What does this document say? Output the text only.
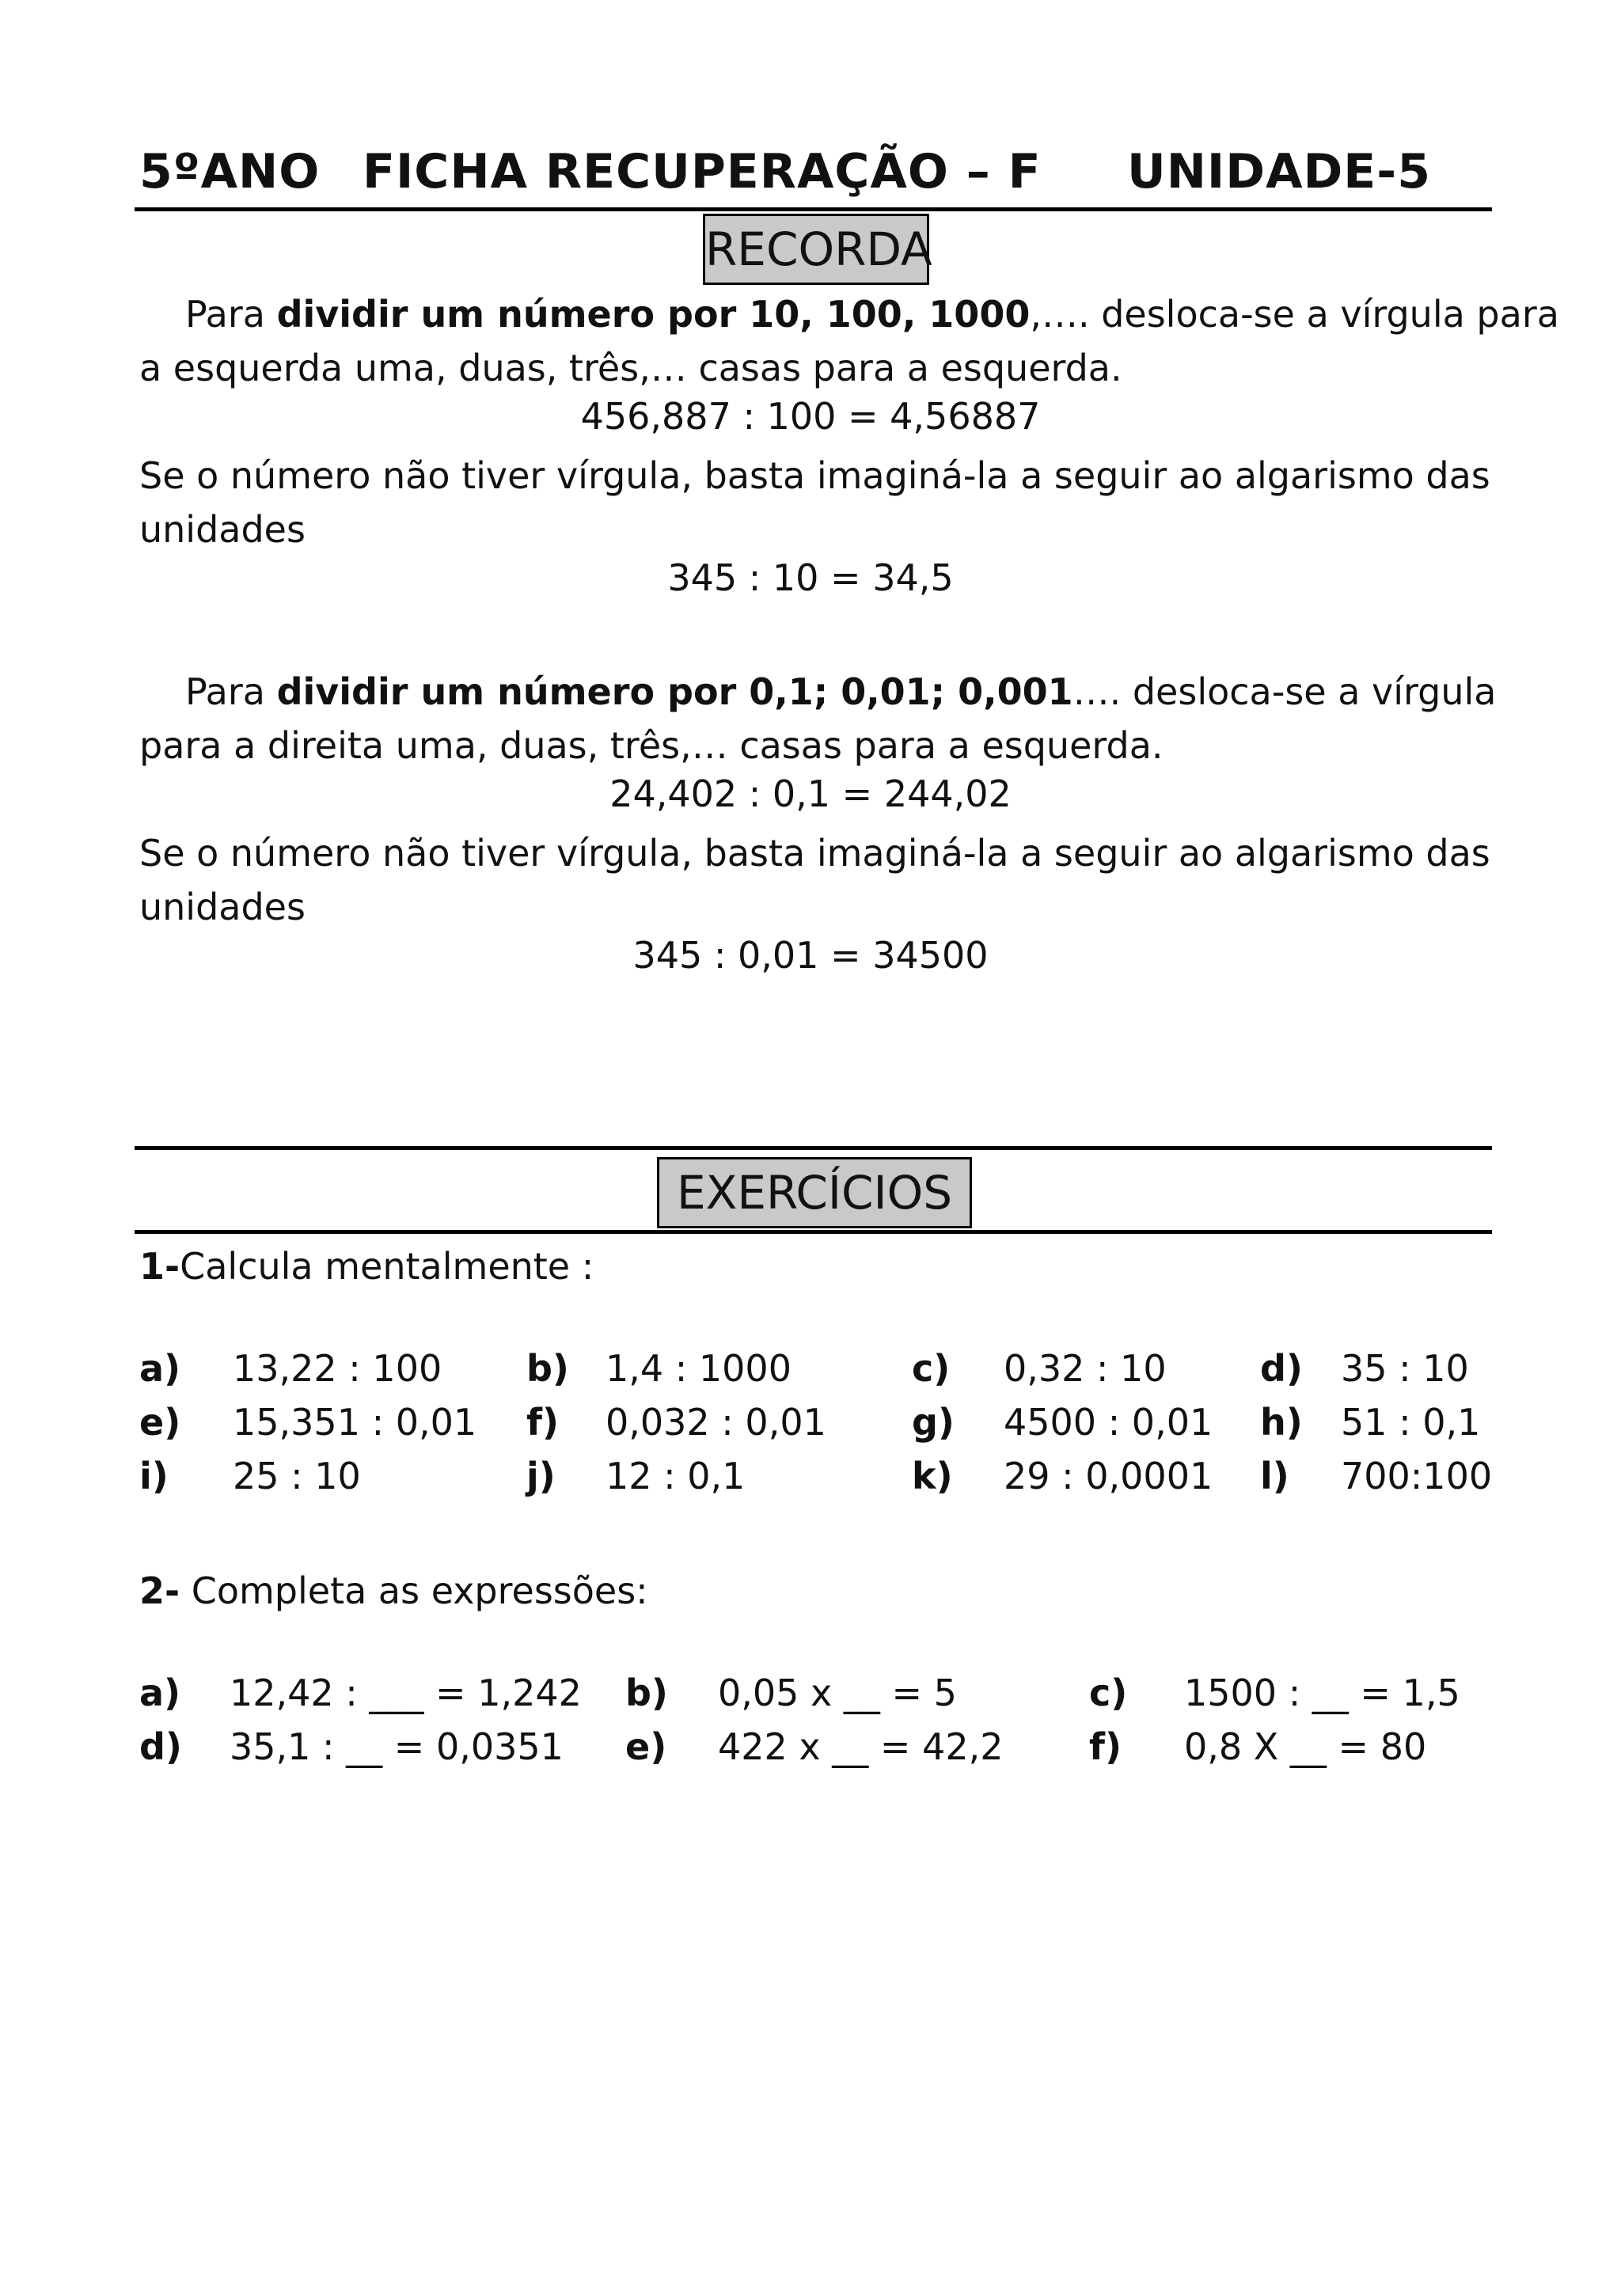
5ºANO FICHA RECUPERAÇÃO – F UNIDADE-5
RECORDA
Para dividir um número por 10, 100, 1000,…. desloca-se a vírgula para
a esquerda uma, duas, três,… casas para a esquerda.
456,887 : 100 = 4,56887
Se o número não tiver vírgula, basta imaginá-la a seguir ao algarismo das
unidades
345 : 10 = 34,5
Para dividir um número por 0,1; 0,01; 0,001…. desloca-se a vírgula
para a direita uma, duas, três,… casas para a esquerda.
24,402 : 0,1 = 244,02
Se o número não tiver vírgula, basta imaginá-la a seguir ao algarismo das
unidades
345 : 0,01 = 34500
EXERCÍCIOS
1-Calcula mentalmente :
a) 13,22 : 100 b) 1,4 : 1000	c) 0,32 : 10	d) 35 : 10
e) 15,351 : 0,01 f) 0,032 : 0,01 g) 4500 : 0,01 h) 51 : 0,1
i) 25 : 10	j) 12 : 0,1	k) 29 : 0,0001 l) 700:100
2- Completa as expressões:
a) 12,42 : ___ = 1,242 b) 0,05 x __ = 5	c) 1500 : __ = 1,5
d) 35,1 : __ = 0,0351 e) 422 x __ = 42,2 f) 0,8 X __ = 80
